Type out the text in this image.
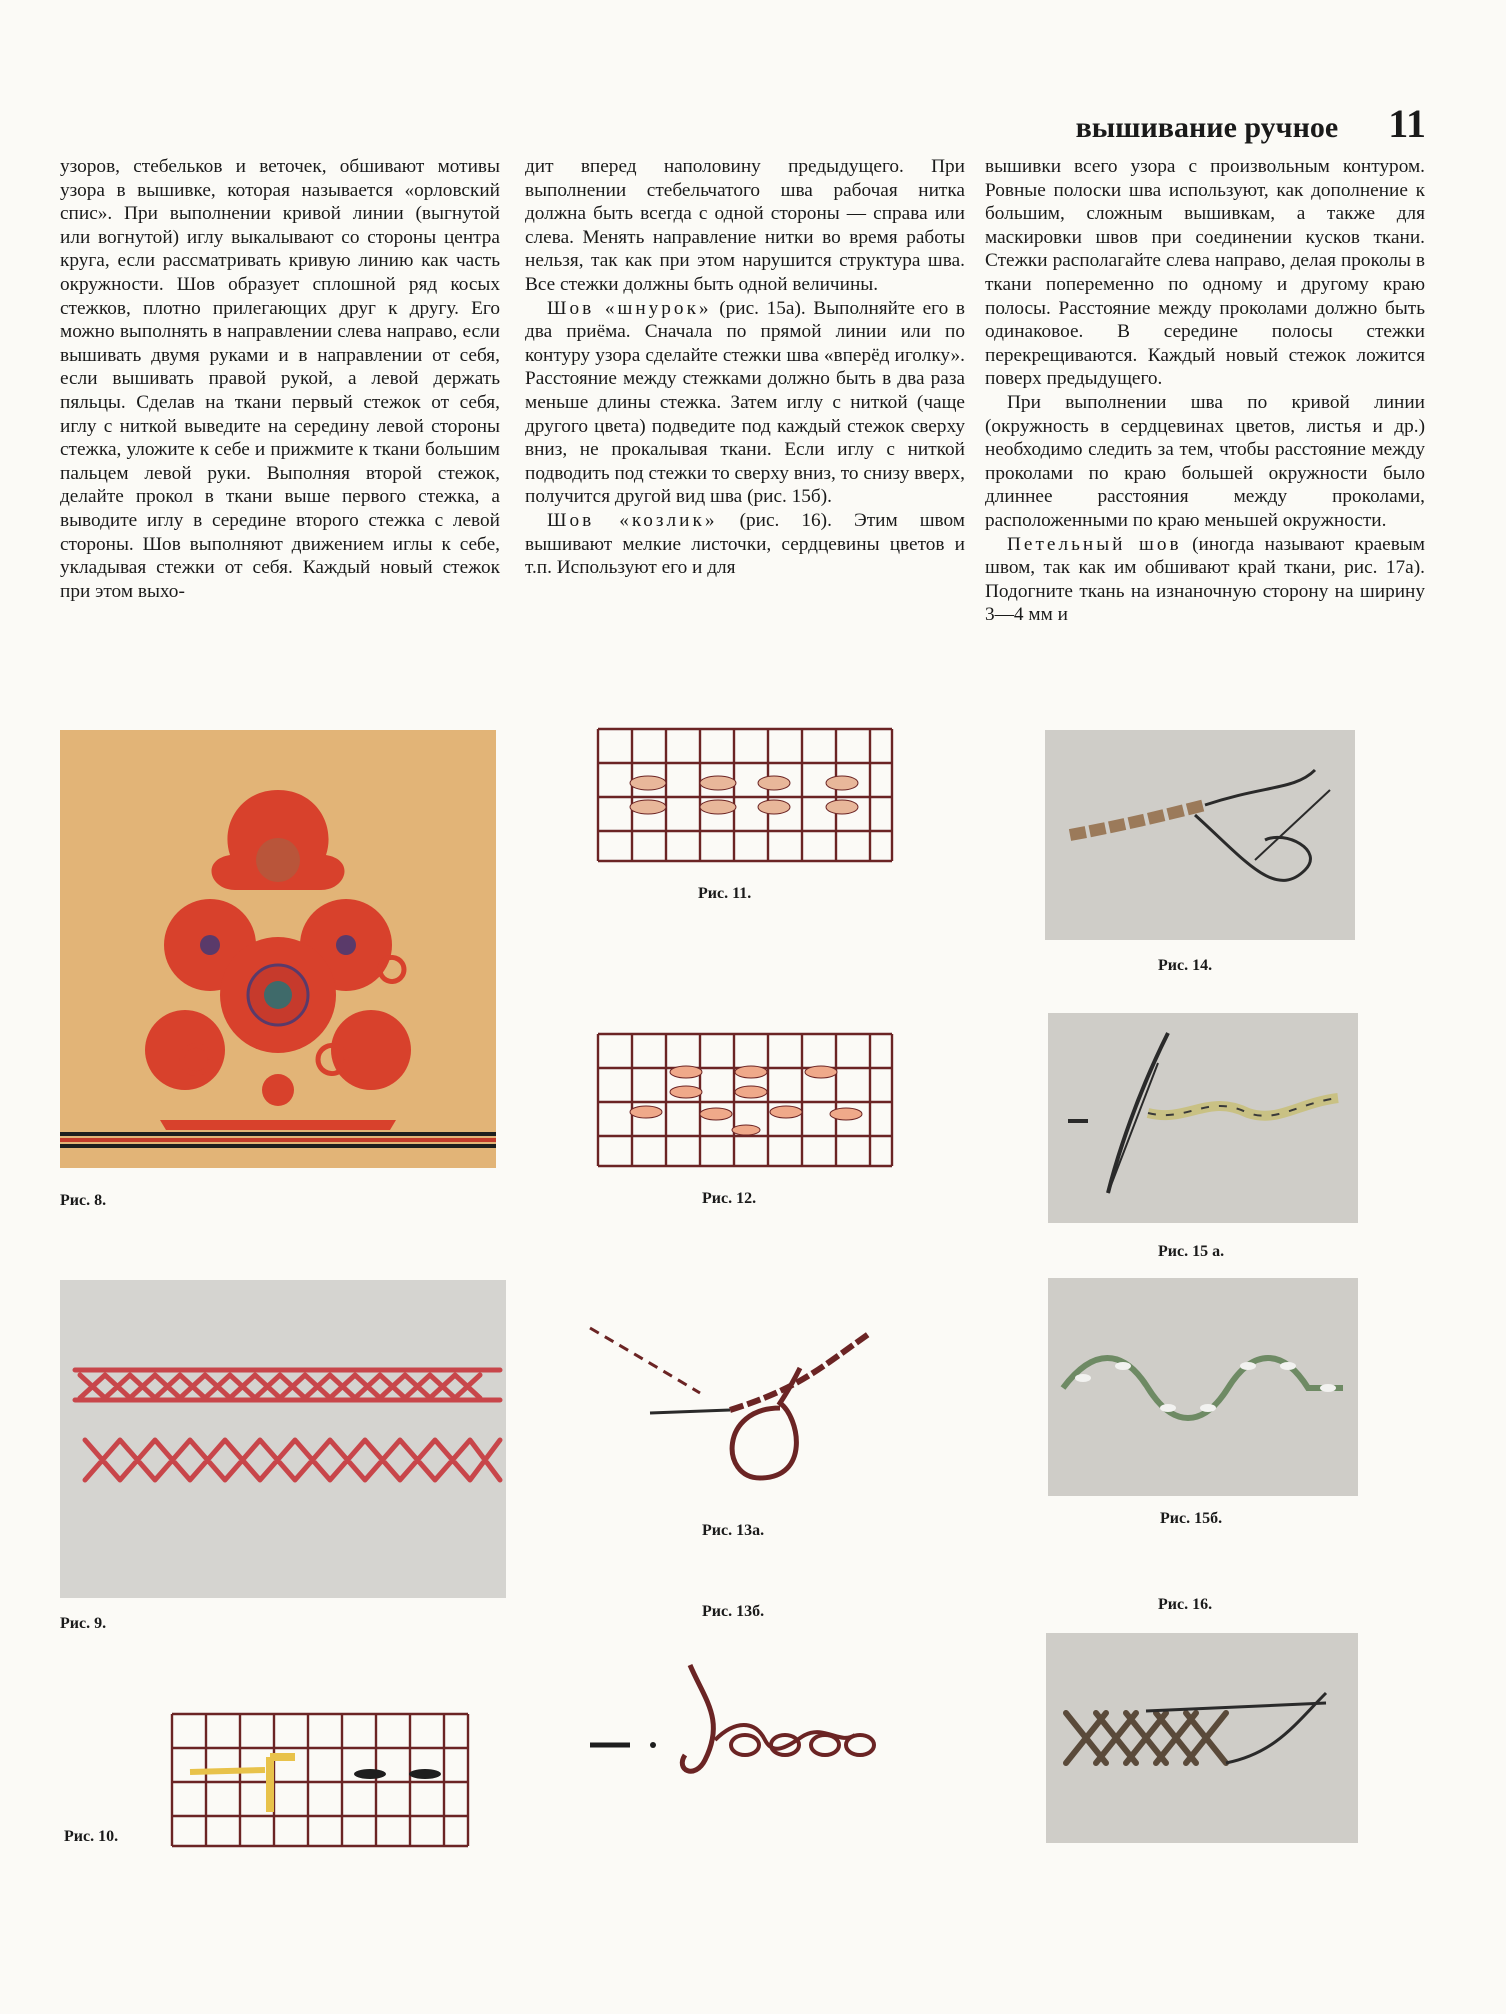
вышивание ручное 11

узоров, стебельков и веточек, обшивают мотивы узора в вышивке, которая называется «орловский спис». При выполнении кривой линии (выгнутой или вогнутой) иглу выкалывают со стороны центра круга, если рассматривать кривую линию как часть окружности. Шов образует сплошной ряд косых стежков, плотно прилегающих друг к другу. Его можно выполнять в направлении слева направо, если вышивать двумя руками и в направлении от себя, если вышивать правой рукой, а левой держать пяльцы. Сделав на ткани первый стежок от себя, иглу с ниткой выведите на середину левой стороны стежка, уложите к себе и прижмите к ткани большим пальцем левой руки. Выполняя второй стежок, делайте прокол в ткани выше первого стежка, а выводите иглу в середине второго стежка с левой стороны. Шов выполняют движением иглы к себе, укладывая стежки от себя. Каждый новый стежок при этом выхо-

дит вперед наполовину предыдущего. При выполнении стебельчатого шва рабочая нитка должна быть всегда с одной стороны — справа или слева. Менять направление нитки во время работы нельзя, так как при этом нарушится структура шва. Все стежки должны быть одной величины.

Шов «шнурок» (рис. 15а). Выполняйте его в два приёма. Сначала по прямой линии или по контуру узора сделайте стежки шва «вперёд иголку». Расстояние между стежками должно быть в два раза меньше длины стежка. Затем иглу с ниткой (чаще другого цвета) подведите под каждый стежок сверху вниз, не прокалывая ткани. Если иглу с ниткой подводить под стежки то сверху вниз, то снизу вверх, получится другой вид шва (рис. 15б).

Шов «козлик» (рис. 16). Этим швом вышивают мелкие листочки, сердцевины цветов и т.п. Используют его и для

вышивки всего узора с произвольным контуром. Ровные полоски шва используют, как дополнение к большим, сложным вышивкам, а также для маскировки швов при соединении кусков ткани. Стежки располагайте слева направо, делая проколы в ткани попеременно по одному и другому краю полосы. Расстояние между проколами должно быть одинаковое. В середине полосы стежки перекрещиваются. Каждый новый стежок ложится поверх предыдущего.

При выполнении шва по кривой линии (окружность в сердцевинах цветов, листья и др.) необходимо следить за тем, чтобы расстояние между проколами по краю большей окружности было длиннее расстояния между проколами, расположенными по краю меньшей окружности.

Петельный шов (иногда называют краевым швом, так как им обшивают край ткани, рис. 17а). Подогните ткань на изнаночную сторону на ширину 3—4 мм и

Рис. 8.
Рис. 9.
Рис. 10.
Рис. 11.
Рис. 12.
Рис. 13а.
Рис. 13б.
Рис. 14.
Рис. 15 а.
Рис. 15б.
Рис. 16.
